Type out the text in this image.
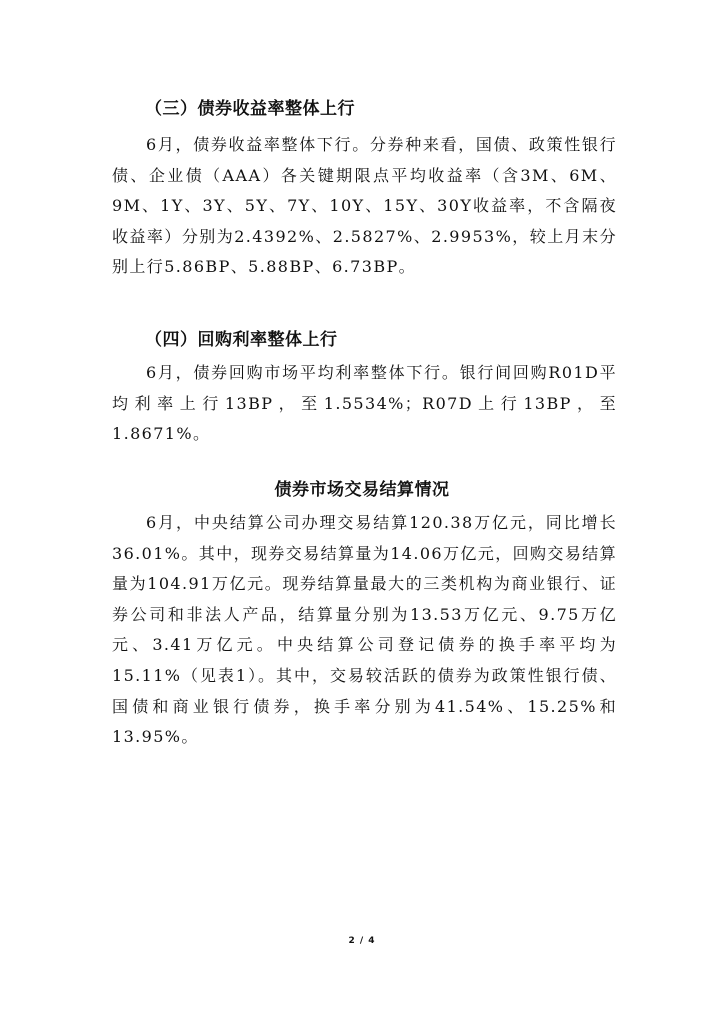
（三）债券收益率整体上行

6月，债券收益率整体下行。分券种来看，国债、政策性银行债、企业债（AAA）各关键期限点平均收益率（含3M、6M、9M、1Y、3Y、5Y、7Y、10Y、15Y、30Y收益率，不含隔夜收益率）分别为2.4392%、2.5827%、2.9953%，较上月末分别上行5.86BP、5.88BP、6.73BP。

（四）回购利率整体上行

6月，债券回购市场平均利率整体下行。银行间回购R01D平均利率上行13BP，至1.5534%；R07D上行13BP，至1.8671%。

债券市场交易结算情况

6月，中央结算公司办理交易结算120.38万亿元，同比增长36.01%。其中，现券交易结算量为14.06万亿元，回购交易结算量为104.91万亿元。现券结算量最大的三类机构为商业银行、证券公司和非法人产品，结算量分别为13.53万亿元、9.75万亿元、3.41万亿元。中央结算公司登记债券的换手率平均为15.11%（见表1）。其中，交易较活跃的债券为政策性银行债、国债和商业银行债券，换手率分别为41.54%、15.25%和13.95%。

2 / 4
